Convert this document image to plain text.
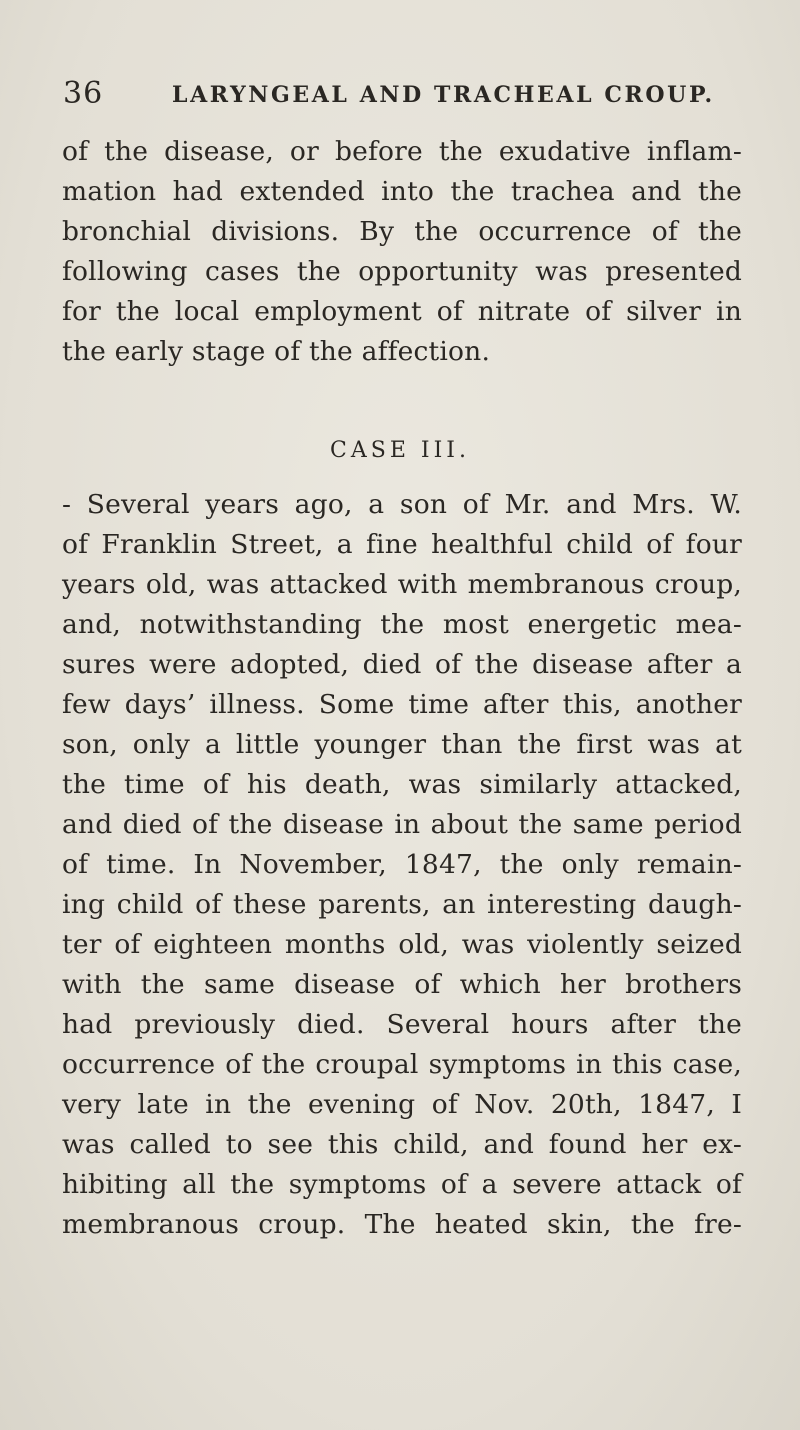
36	LARYNGEAL AND TRACHEAL CROUP.
of the disease, or before the exudative inflam-
mation had extended into the trachea and the
bronchial divisions. By the occurrence of the
following cases the opportunity was presented
for the local employment of nitrate of silver in
the early stage of the affection.
CASE III.
- Several years ago, a son of Mr. and Mrs. W.
of Franklin Street, a fine healthful child of four
years old, was attacked with membranous croup,
and, notwithstanding the most energetic mea-
sures were adopted, died of the disease after a
few days’ illness. Some time after this, another
son, only a little younger than the first was at
the time of his death, was similarly attacked,
and died of the disease in about the same period
of time. In November, 1847, the only remain-
ing child of these parents, an interesting daugh-
ter of eighteen months old, was violently seized
with the same disease of which her brothers
had previously died. Several hours after the
occurrence of the croupal symptoms in this case,
very late in the evening of Nov. 20th, 1847, I
was called to see this child, and found her ex-
hibiting all the symptoms of a severe attack of
membranous croup. The heated skin, the fre-
